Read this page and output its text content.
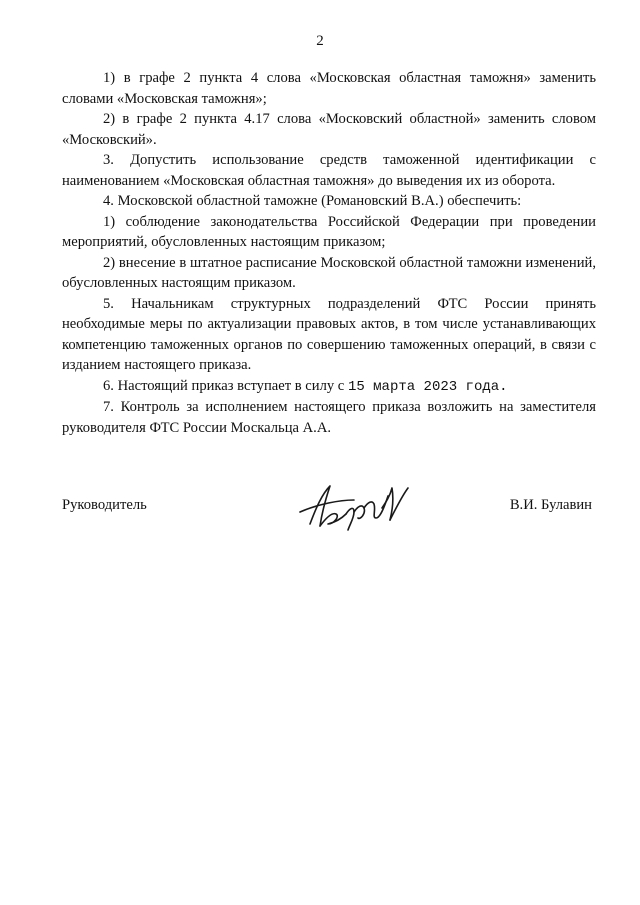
2

1) в графе 2 пункта 4 слова «Московская областная таможня» заменить словами «Московская таможня»;

2) в графе 2 пункта 4.17 слова «Московский областной» заменить словом «Московский».

3. Допустить использование средств таможенной идентификации с наименованием «Московская областная таможня» до выведения их из оборота.

4. Московской областной таможне (Романовский В.А.) обеспечить:

1) соблюдение законодательства Российской Федерации при проведении мероприятий, обусловленных настоящим приказом;

2) внесение в штатное расписание Московской областной таможни изменений, обусловленных настоящим приказом.

5. Начальникам структурных подразделений ФТС России принять необходимые меры по актуализации правовых актов, в том числе устанавливающих компетенцию таможенных органов по совершению таможенных операций, в связи с изданием настоящего приказа.

6. Настоящий приказ вступает в силу с 15 марта 2023 года.

7. Контроль за исполнением настоящего приказа возложить на заместителя руководителя ФТС России Москальца А.А.

Руководитель	В.И. Булавин
